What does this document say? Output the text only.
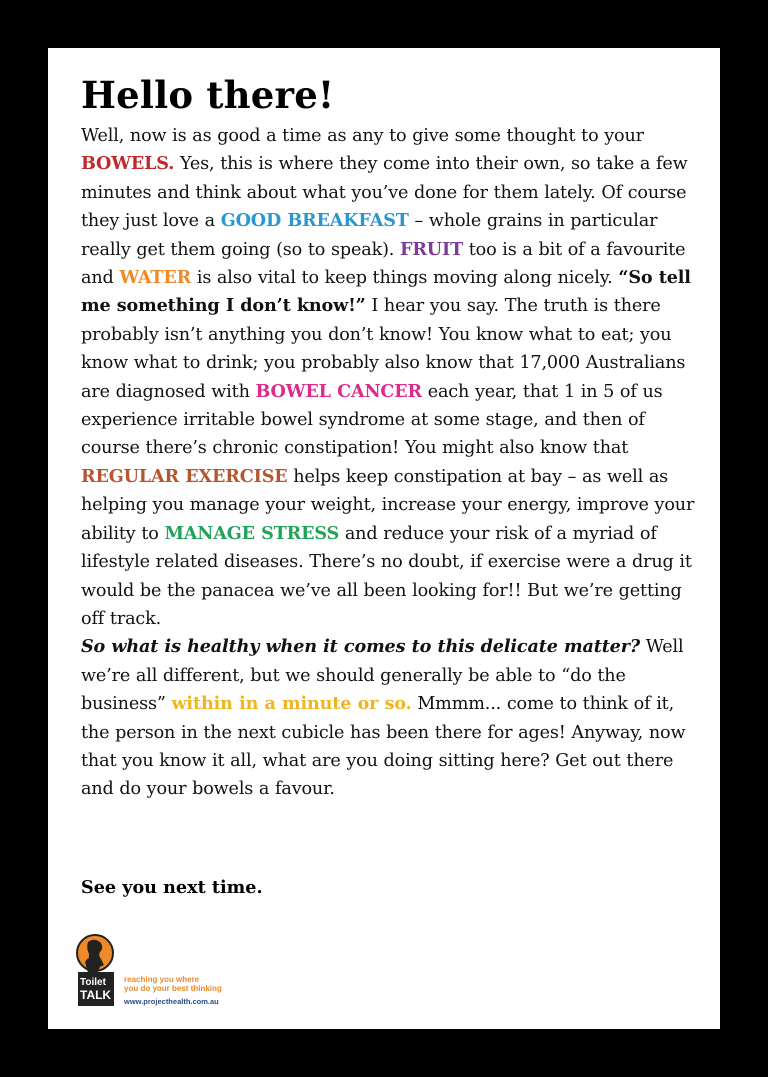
Hello there!

Well, now is as good a time as any to give some thought to your BOWELS. Yes, this is where they come into their own, so take a few minutes and think about what you’ve done for them lately. Of course they just love a GOOD BREAKFAST – whole grains in particular really get them going (so to speak). FRUIT too is a bit of a favourite and WATER is also vital to keep things moving along nicely. “So tell me something I don’t know!” I hear you say. The truth is there probably isn’t anything you don’t know! You know what to eat; you know what to drink; you probably also know that 17,000 Australians are diagnosed with BOWEL CANCER each year, that 1 in 5 of us experience irritable bowel syndrome at some stage, and then of course there’s chronic constipation! You might also know that REGULAR EXERCISE helps keep constipation at bay – as well as helping you manage your weight, increase your energy, improve your ability to MANAGE STRESS and reduce your risk of a myriad of lifestyle related diseases. There’s no doubt, if exercise were a drug it would be the panacea we’ve all been looking for!! But we’re getting off track.
So what is healthy when it comes to this delicate matter? Well we’re all different, but we should generally be able to “do the business” within in a minute or so. Mmmm... come to think of it, the person in the next cubicle has been there for ages! Anyway, now that you know it all, what are you doing sitting here? Get out there and do your bowels a favour.

See you next time.

Toilet
TALK
reaching you where
you do your best thinking
www.projecthealth.com.au
